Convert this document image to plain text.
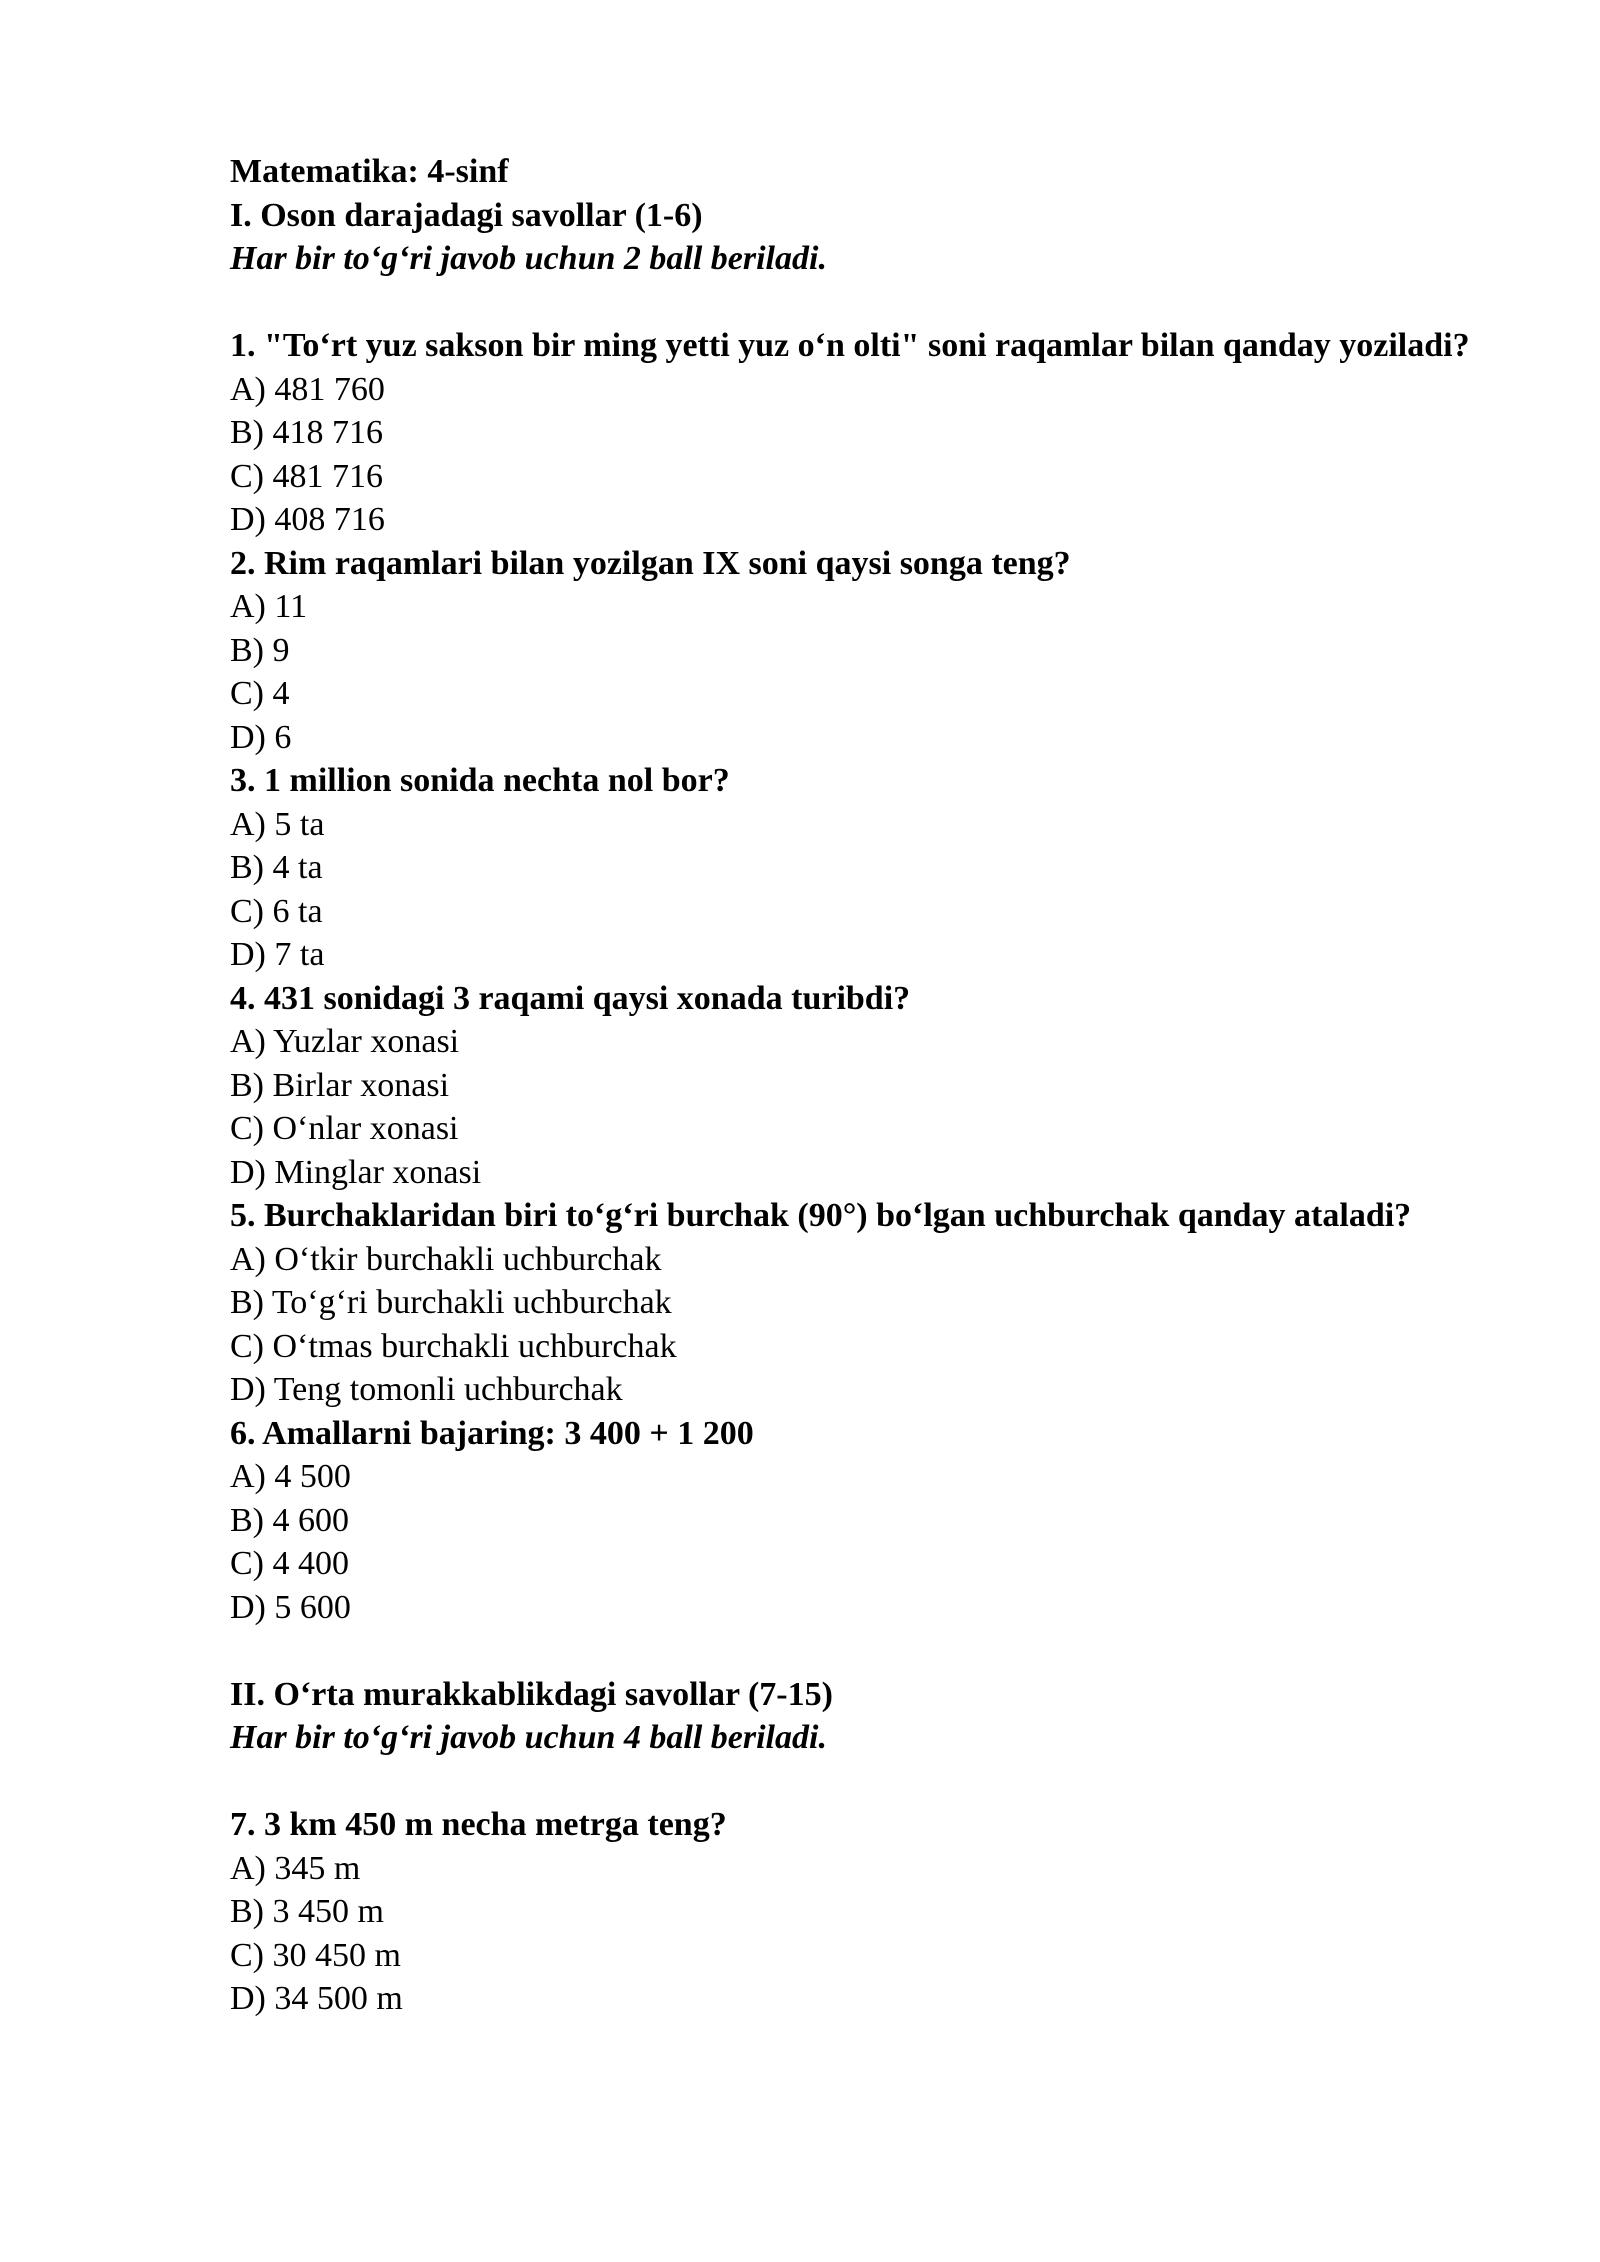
Matematika: 4-sinf
I. Oson darajadagi savollar (1-6)
Har bir to‘g‘ri javob uchun 2 ball beriladi.
1. "To‘rt yuz sakson bir ming yetti yuz o‘n olti" soni raqamlar bilan qanday yoziladi?
A) 481 760
B) 418 716
C) 481 716
D) 408 716
2. Rim raqamlari bilan yozilgan IX soni qaysi songa teng?
A) 11
B) 9
C) 4
D) 6
3. 1 million sonida nechta nol bor?
A) 5 ta
B) 4 ta
C) 6 ta
D) 7 ta
4. 431 sonidagi 3 raqami qaysi xonada turibdi?
A) Yuzlar xonasi
B) Birlar xonasi
C) O‘nlar xonasi
D) Minglar xonasi
5. Burchaklaridan biri to‘g‘ri burchak (90°) bo‘lgan uchburchak qanday ataladi?
A) O‘tkir burchakli uchburchak
B) To‘g‘ri burchakli uchburchak
C) O‘tmas burchakli uchburchak
D) Teng tomonli uchburchak
6. Amallarni bajaring: 3 400 + 1 200
A) 4 500
B) 4 600
C) 4 400
D) 5 600
II. O‘rta murakkablikdagi savollar (7-15)
Har bir to‘g‘ri javob uchun 4 ball beriladi.
7. 3 km 450 m necha metrga teng?
A) 345 m
B) 3 450 m
C) 30 450 m
D) 34 500 m
